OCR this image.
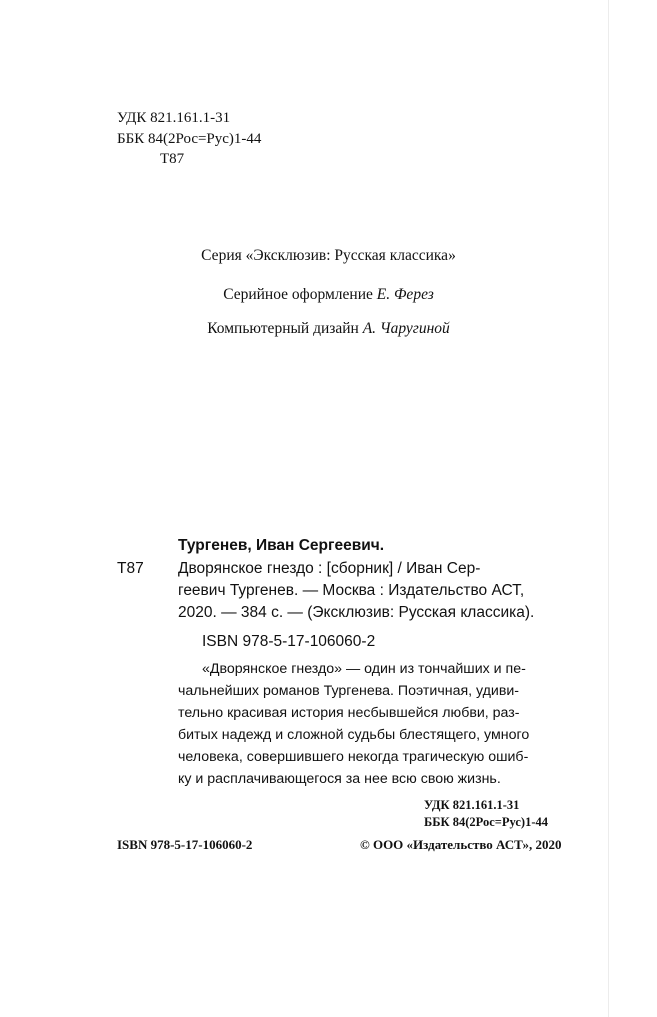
УДК 821.161.1-31
ББК 84(2Рос=Рус)1-44
Т87
Серия «Эксклюзив: Русская классика»
Серийное оформление Е. Ферез
Компьютерный дизайн А. Чаругиной
Тургенев, Иван Сергеевич.
Т87 Дворянское гнездо : [сборник] / Иван Сер-
геевич Тургенев. — Москва : Издательство АСТ,
2020. — 384 с. — (Эксклюзив: Русская классика).
ISBN 978-5-17-106060-2
«Дворянское гнездо» — один из тончайших и пе-
чальнейших романов Тургенева. Поэтичная, удиви-
тельно красивая история несбывшейся любви, раз-
битых надежд и сложной судьбы блестящего, умного
человека, совершившего некогда трагическую ошиб-
ку и расплачивающегося за нее всю свою жизнь.
УДК 821.161.1-31
ББК 84(2Рос=Рус)1-44
ISBN 978-5-17-106060-2	© ООО «Издательство АСТ», 2020
